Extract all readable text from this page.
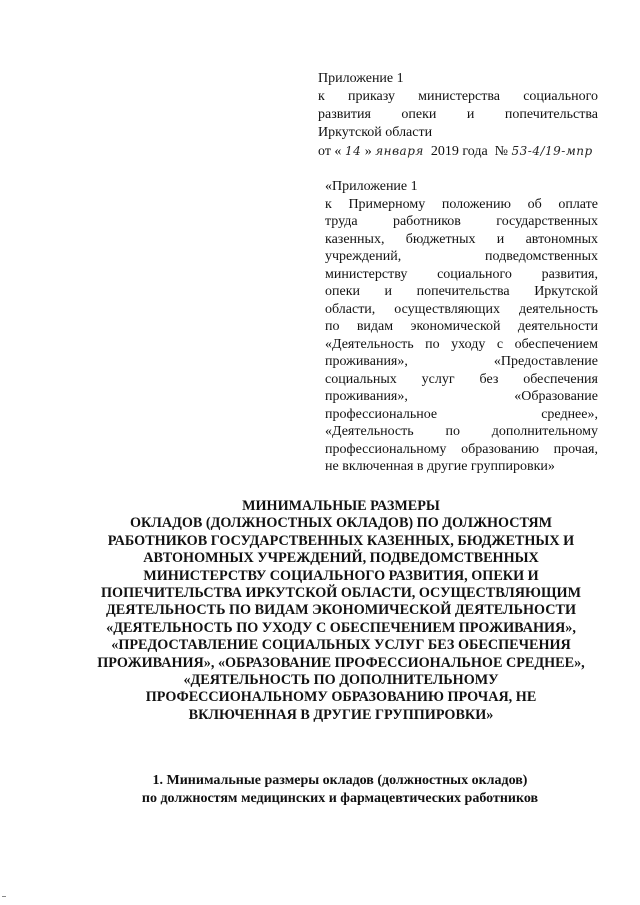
Приложение 1
к приказу министерства социального
развития опеки и попечительства
Иркутской области
от « 14 » января 2019 года № 53-4/19-мпр
«Приложение 1
к Примерному положению об оплате
труда работников государственных
казенных, бюджетных и автономных
учреждений, подведомственных
министерству социального развития,
опеки и попечительства Иркутской
области, осуществляющих деятельность
по видам экономической деятельности
«Деятельность по уходу с обеспечением
проживания», «Предоставление
социальных услуг без обеспечения
проживания», «Образование
профессиональное среднее»,
«Деятельность по дополнительному
профессиональному образованию прочая,
не включенная в другие группировки»
МИНИМАЛЬНЫЕ РАЗМЕРЫ
ОКЛАДОВ (ДОЛЖНОСТНЫХ ОКЛАДОВ) ПО ДОЛЖНОСТЯМ
РАБОТНИКОВ ГОСУДАРСТВЕННЫХ КАЗЕННЫХ, БЮДЖЕТНЫХ И
АВТОНОМНЫХ УЧРЕЖДЕНИЙ, ПОДВЕДОМСТВЕННЫХ
МИНИСТЕРСТВУ СОЦИАЛЬНОГО РАЗВИТИЯ, ОПЕКИ И
ПОПЕЧИТЕЛЬСТВА ИРКУТСКОЙ ОБЛАСТИ, ОСУЩЕСТВЛЯЮЩИМ
ДЕЯТЕЛЬНОСТЬ ПО ВИДАМ ЭКОНОМИЧЕСКОЙ ДЕЯТЕЛЬНОСТИ
«ДЕЯТЕЛЬНОСТЬ ПО УХОДУ С ОБЕСПЕЧЕНИЕМ ПРОЖИВАНИЯ»,
«ПРЕДОСТАВЛЕНИЕ СОЦИАЛЬНЫХ УСЛУГ БЕЗ ОБЕСПЕЧЕНИЯ
ПРОЖИВАНИЯ», «ОБРАЗОВАНИЕ ПРОФЕССИОНАЛЬНОЕ СРЕДНЕЕ»,
«ДЕЯТЕЛЬНОСТЬ ПО ДОПОЛНИТЕЛЬНОМУ
ПРОФЕССИОНАЛЬНОМУ ОБРАЗОВАНИЮ ПРОЧАЯ, НЕ
ВКЛЮЧЕННАЯ В ДРУГИЕ ГРУППИРОВКИ»
1. Минимальные размеры окладов (должностных окладов)
по должностям медицинских и фармацевтических работников
